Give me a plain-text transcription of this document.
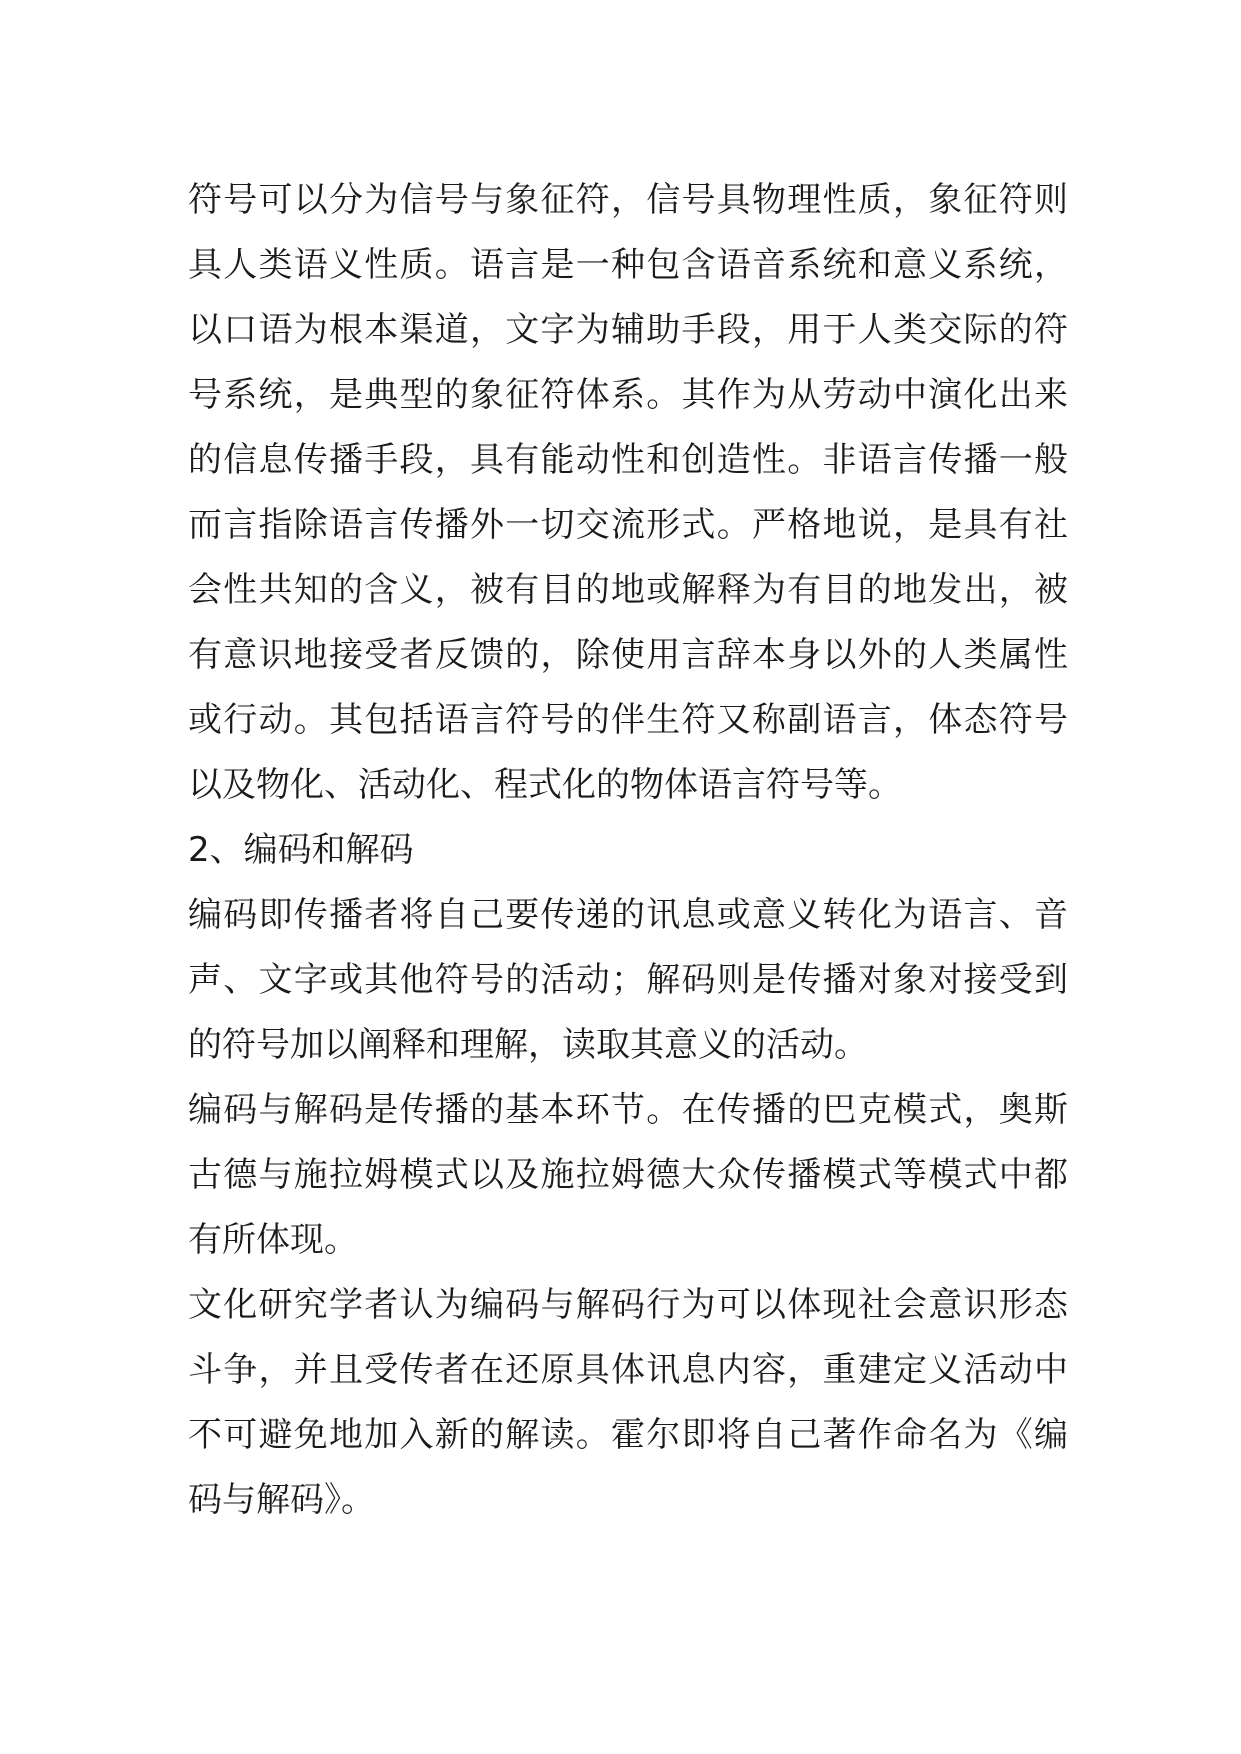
符号可以分为信号与象征符，信号具物理性质，象征符则具人类语义性质。语言是一种包含语音系统和意义系统，以口语为根本渠道，文字为辅助手段，用于人类交际的符号系统，是典型的象征符体系。其作为从劳动中演化出来的信息传播手段，具有能动性和创造性。非语言传播一般而言指除语言传播外一切交流形式。严格地说，是具有社会性共知的含义，被有目的地或解释为有目的地发出，被有意识地接受者反馈的，除使用言辞本身以外的人类属性或行动。其包括语言符号的伴生符又称副语言，体态符号以及物化、活动化、程式化的物体语言符号等。

2、编码和解码

编码即传播者将自己要传递的讯息或意义转化为语言、音声、文字或其他符号的活动；解码则是传播对象对接受到的符号加以阐释和理解，读取其意义的活动。

编码与解码是传播的基本环节。在传播的巴克模式，奥斯古德与施拉姆模式以及施拉姆德大众传播模式等模式中都有所体现。

文化研究学者认为编码与解码行为可以体现社会意识形态斗争，并且受传者在还原具体讯息内容，重建定义活动中不可避免地加入新的解读。霍尔即将自己著作命名为《编码与解码》。
